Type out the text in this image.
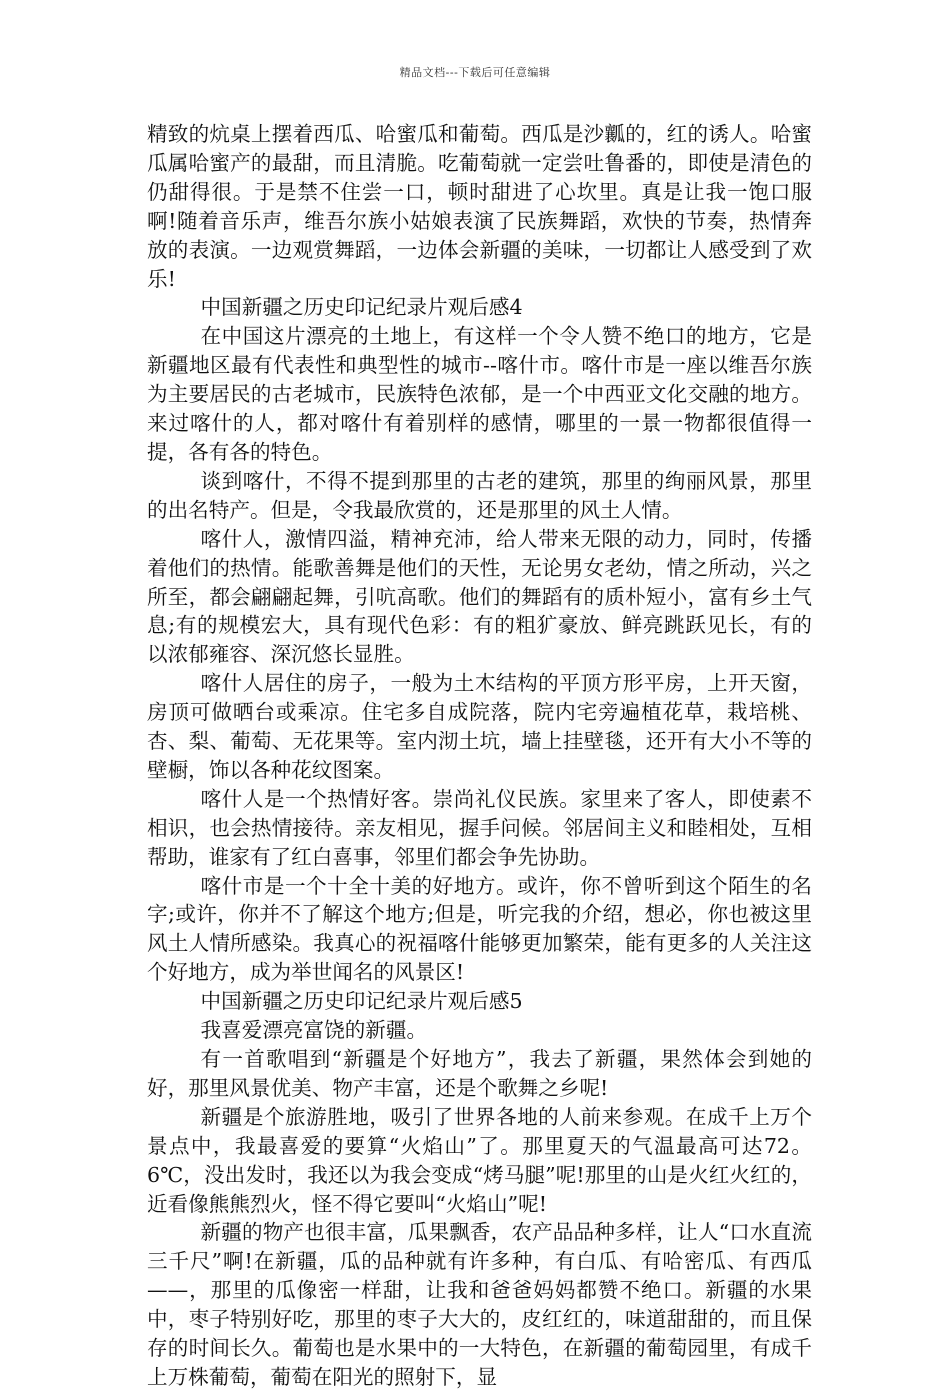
精品文档---下载后可任意编辑

精致的炕桌上摆着西瓜、哈蜜瓜和葡萄。西瓜是沙瓤的，红的诱人。哈蜜瓜属哈蜜产的最甜，而且清脆。吃葡萄就一定尝吐鲁番的，即使是清色的仍甜得很。于是禁不住尝一口，顿时甜进了心坎里。真是让我一饱口服啊!随着音乐声，维吾尔族小姑娘表演了民族舞蹈，欢快的节奏，热情奔放的表演。一边观赏舞蹈，一边体会新疆的美味，一切都让人感受到了欢乐!

中国新疆之历史印记纪录片观后感4

在中国这片漂亮的土地上，有这样一个令人赞不绝口的地方，它是新疆地区最有代表性和典型性的城市--喀什市。喀什市是一座以维吾尔族为主要居民的古老城市，民族特色浓郁，是一个中西亚文化交融的地方。来过喀什的人，都对喀什有着别样的感情，哪里的一景一物都很值得一提，各有各的特色。

谈到喀什，不得不提到那里的古老的建筑，那里的绚丽风景，那里的出名特产。但是，令我最欣赏的，还是那里的风土人情。

喀什人，激情四溢，精神充沛，给人带来无限的动力，同时，传播着他们的热情。能歌善舞是他们的天性，无论男女老幼，情之所动，兴之所至，都会翩翩起舞，引吭高歌。他们的舞蹈有的质朴短小，富有乡土气息;有的规模宏大，具有现代色彩：有的粗犷豪放、鲜亮跳跃见长，有的以浓郁雍容、深沉悠长显胜。

喀什人居住的房子，一般为土木结构的平顶方形平房，上开天窗，房顶可做晒台或乘凉。住宅多自成院落，院内宅旁遍植花草，栽培桃、杏、梨、葡萄、无花果等。室内沏土坑，墙上挂壁毯，还开有大小不等的壁橱，饰以各种花纹图案。

喀什人是一个热情好客。崇尚礼仪民族。家里来了客人，即使素不相识，也会热情接待。亲友相见，握手问候。邻居间主义和睦相处，互相帮助，谁家有了红白喜事，邻里们都会争先协助。

喀什市是一个十全十美的好地方。或许，你不曾听到这个陌生的名字;或许，你并不了解这个地方;但是，听完我的介绍，想必，你也被这里风土人情所感染。我真心的祝福喀什能够更加繁荣，能有更多的人关注这个好地方，成为举世闻名的风景区!

中国新疆之历史印记纪录片观后感5

我喜爱漂亮富饶的新疆。

有一首歌唱到“新疆是个好地方”，我去了新疆，果然体会到她的好，那里风景优美、物产丰富，还是个歌舞之乡呢!

新疆是个旅游胜地，吸引了世界各地的人前来参观。在成千上万个景点中，我最喜爱的要算“火焰山”了。那里夏天的气温最高可达72。6℃，没出发时，我还以为我会变成“烤马腿”呢!那里的山是火红火红的，近看像熊熊烈火，怪不得它要叫“火焰山”呢!

新疆的物产也很丰富，瓜果飘香，农产品品种多样，让人“口水直流三千尺”啊!在新疆，瓜的品种就有许多种，有白瓜、有哈密瓜、有西瓜——，那里的瓜像密一样甜，让我和爸爸妈妈都赞不绝口。新疆的水果中，枣子特别好吃，那里的枣子大大的，皮红红的，味道甜甜的，而且保存的时间长久。葡萄也是水果中的一大特色，在新疆的葡萄园里，有成千上万株葡萄，葡萄在阳光的照射下，显
